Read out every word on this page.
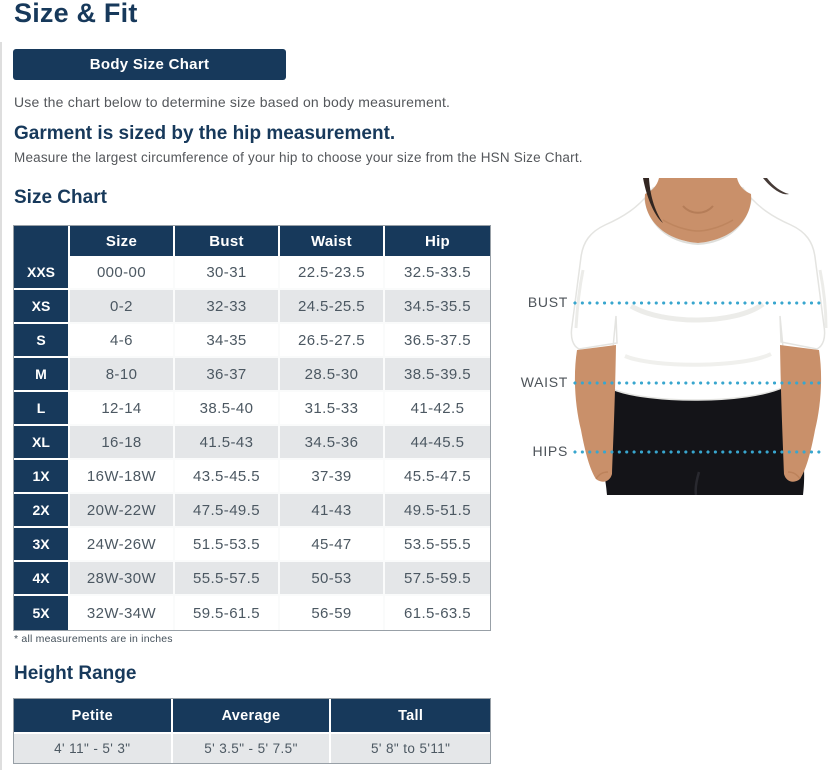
Size & Fit
Body Size Chart

Use the chart below to determine size based on body measurement.

Garment is sized by the hip measurement.

Measure the largest circumference of your hip to choose your size from the HSN Size Chart.

Size Chart
	Size	Bust	Waist	Hip
XXS	000-00	30-31	22.5-23.5	32.5-33.5
XS	0-2	32-33	24.5-25.5	34.5-35.5
S	4-6	34-35	26.5-27.5	36.5-37.5
M	8-10	36-37	28.5-30	38.5-39.5
L	12-14	38.5-40	31.5-33	41-42.5
XL	16-18	41.5-43	34.5-36	44-45.5
1X	16W-18W	43.5-45.5	37-39	45.5-47.5
2X	20W-22W	47.5-49.5	41-43	49.5-51.5
3X	24W-26W	51.5-53.5	45-47	53.5-55.5
4X	28W-30W	55.5-57.5	50-53	57.5-59.5
5X	32W-34W	59.5-61.5	56-59	61.5-63.5

* all measurements are in inches

Height Range
Petite	Average	Tall
4' 11" - 5' 3"	5' 3.5" - 5' 7.5"	5' 8" to 5'11"
BUST
WAIST
HIPS
